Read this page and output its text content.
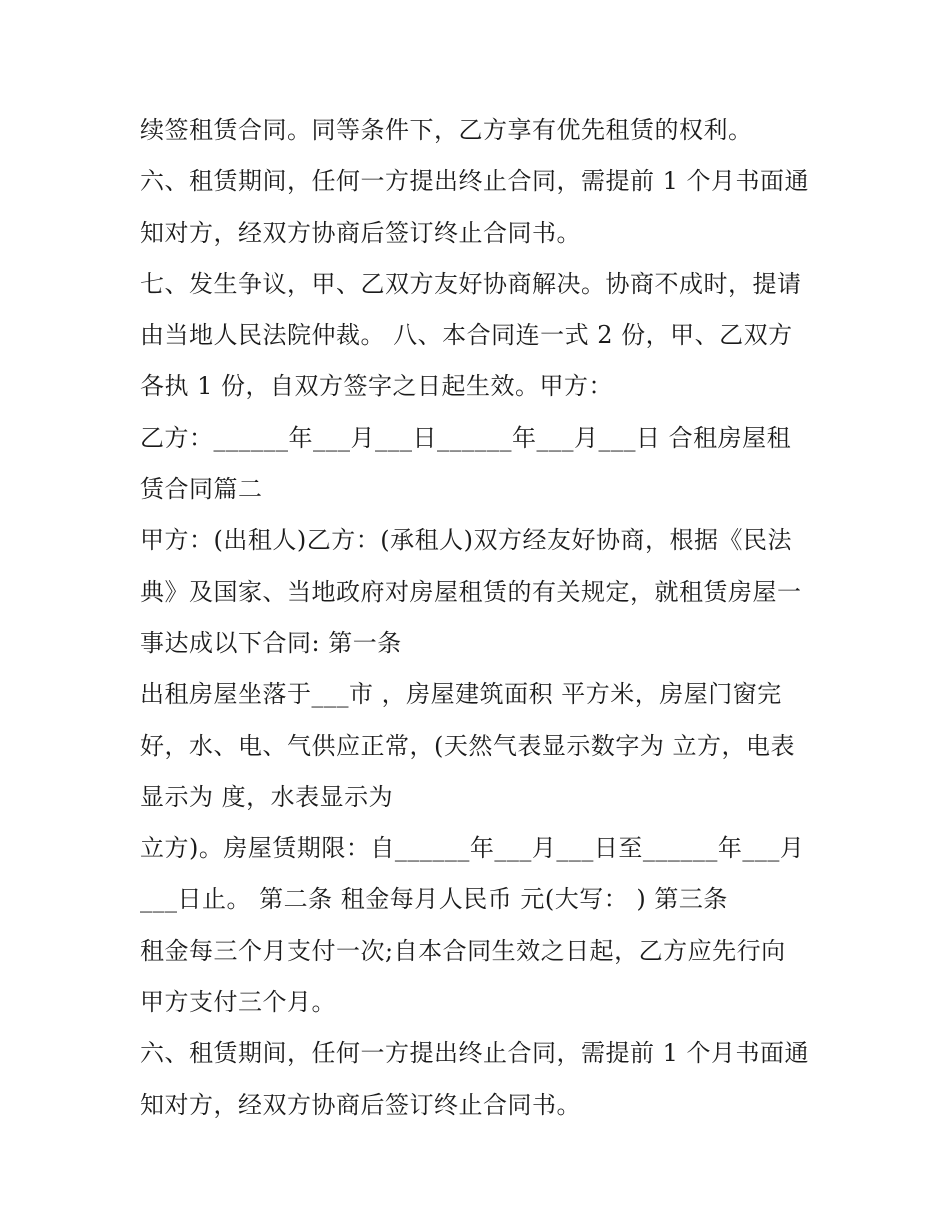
续签租赁合同。同等条件下，乙方享有优先租赁的权利。
六、租赁期间，任何一方提出终止合同，需提前 1 个月书面通
知对方，经双方协商后签订终止合同书。
七、发生争议，甲、乙双方友好协商解决。协商不成时，提请
由当地人民法院仲裁。 八、本合同连一式 2 份，甲、乙双方
各执 1 份，自双方签字之日起生效。甲方：
乙方：______年___月___日______年___月___日 合租房屋租
赁合同篇二
甲方：(出租人)乙方：(承租人)双方经友好协商，根据《民法
典》及国家、当地政府对房屋租赁的有关规定，就租赁房屋一
事达成以下合同: 第一条
出租房屋坐落于___市 ，房屋建筑面积 平方米，房屋门窗完
好，水、电、气供应正常，(天然气表显示数字为 立方，电表
显示为 度，水表显示为
立方)。房屋赁期限：自______年___月___日至______年___月
___日止。 第二条 租金每月人民币 元(大写： ) 第三条
租金每三个月支付一次;自本合同生效之日起，乙方应先行向
甲方支付三个月。
六、租赁期间，任何一方提出终止合同，需提前 1 个月书面通
知对方，经双方协商后签订终止合同书。
